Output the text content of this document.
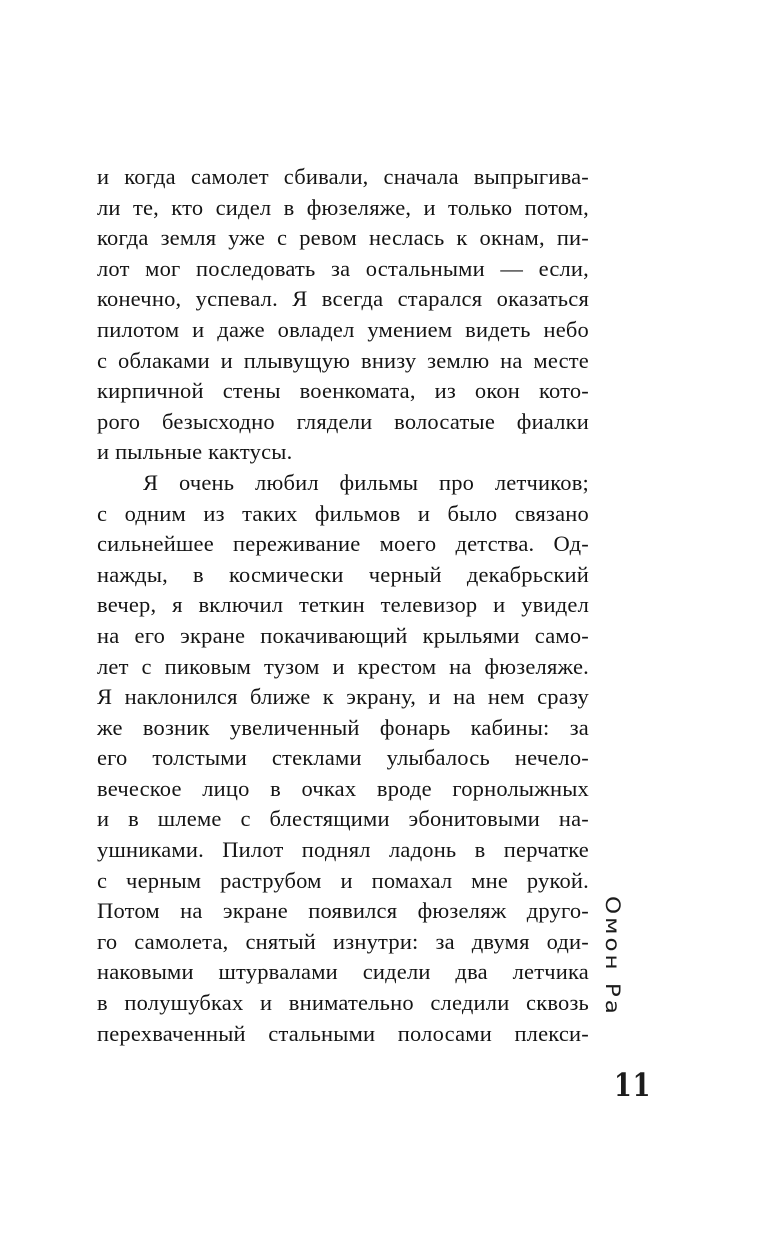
и когда самолет сбивали, сначала выпрыгива-
ли те, кто сидел в фюзеляже, и только потом,
когда земля уже с ревом неслась к окнам, пи-
лот мог последовать за остальными — если,
конечно, успевал. Я всегда старался оказаться
пилотом и даже овладел умением видеть небо
с облаками и плывущую внизу землю на месте
кирпичной стены военкомата, из окон кото-
рого безысходно глядели волосатые фиалки
и пыльные кактусы.
Я очень любил фильмы про летчиков;
с одним из таких фильмов и было связано
сильнейшее переживание моего детства. Од-
нажды, в космически черный декабрьский
вечер, я включил теткин телевизор и увидел
на его экране покачивающий крыльями само-
лет с пиковым тузом и крестом на фюзеляже.
Я наклонился ближе к экрану, и на нем сразу
же возник увеличенный фонарь кабины: за
его толстыми стеклами улыбалось нечело-
веческое лицо в очках вроде горнолыжных
и в шлеме с блестящими эбонитовыми на-
ушниками. Пилот поднял ладонь в перчатке
с черным раструбом и помахал мне рукой.
Потом на экране появился фюзеляж друго-
го самолета, снятый изнутри: за двумя оди-
наковыми штурвалами сидели два летчика
в полушубках и внимательно следили сквозь
перехваченный стальными полосами плекси-
Омон Ра
11
